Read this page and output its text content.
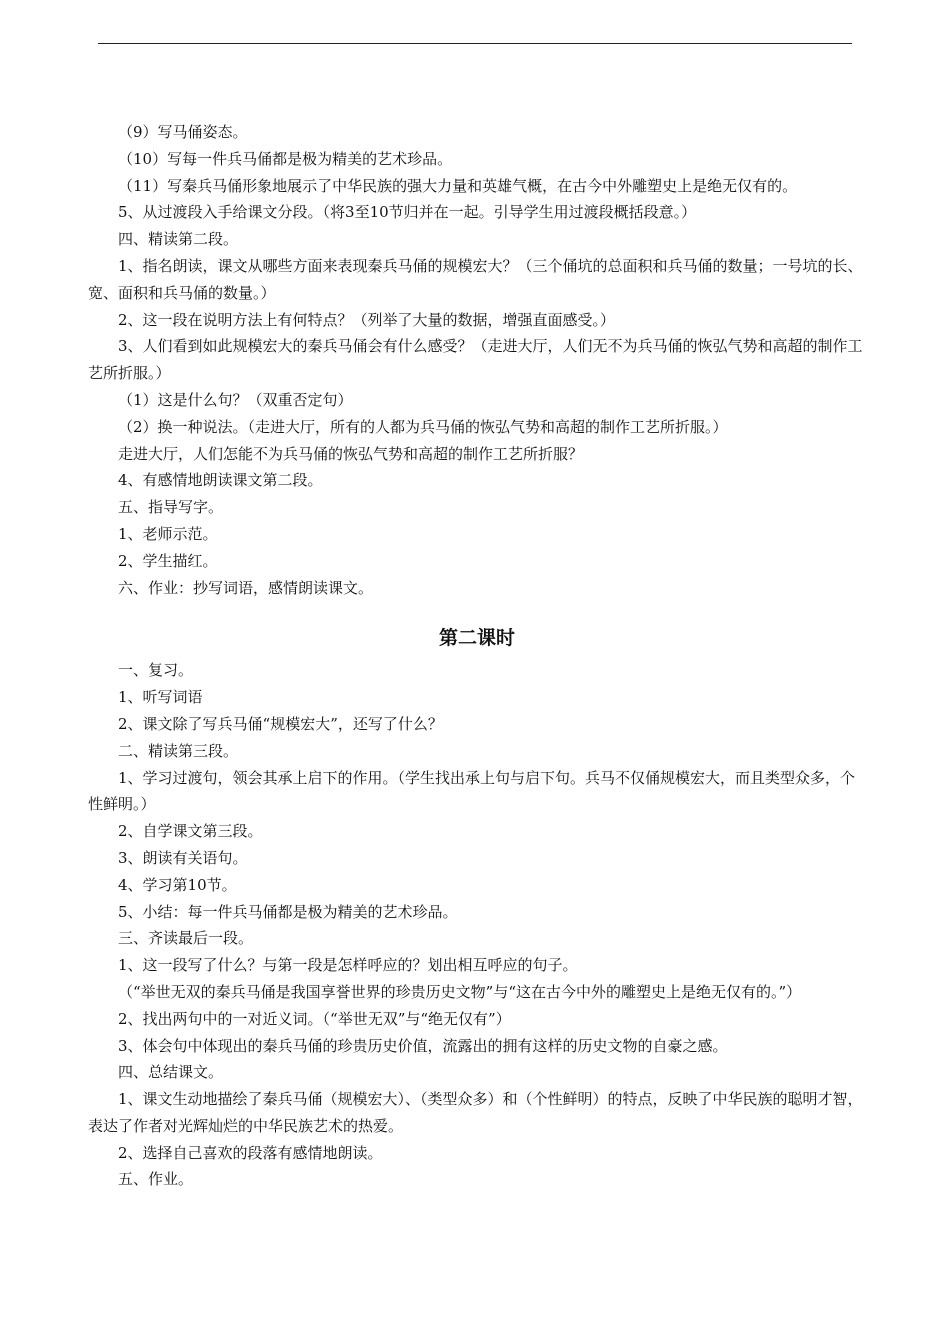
（9）写马俑姿态。

（10）写每一件兵马俑都是极为精美的艺术珍品。

（11）写秦兵马俑形象地展示了中华民族的强大力量和英雄气概，在古今中外雕塑史上是绝无仅有的。

5、从过渡段入手给课文分段。（将3至10节归并在一起。引导学生用过渡段概括段意。）

四、精读第二段。

1、指名朗读，课文从哪些方面来表现秦兵马俑的规模宏大？（三个俑坑的总面积和兵马俑的数量；一号坑的长、宽、面积和兵马俑的数量。）

2、这一段在说明方法上有何特点？（列举了大量的数据，增强直面感受。）

3、人们看到如此规模宏大的秦兵马俑会有什么感受？（走进大厅，人们无不为兵马俑的恢弘气势和高超的制作工艺所折服。）

（1）这是什么句？（双重否定句）

（2）换一种说法。（走进大厅，所有的人都为兵马俑的恢弘气势和高超的制作工艺所折服。）

走进大厅，人们怎能不为兵马俑的恢弘气势和高超的制作工艺所折服？

4、有感情地朗读课文第二段。

五、指导写字。

1、老师示范。

2、学生描红。

六、作业：抄写词语，感情朗读课文。

第二课时

一、复习。

1、听写词语

2、课文除了写兵马俑“规模宏大”，还写了什么？

二、精读第三段。

1、学习过渡句，领会其承上启下的作用。（学生找出承上句与启下句。兵马不仅俑规模宏大，而且类型众多，个性鲜明。）

2、自学课文第三段。

3、朗读有关语句。

4、学习第10节。

5、小结：每一件兵马俑都是极为精美的艺术珍品。

三、齐读最后一段。

1、这一段写了什么？与第一段是怎样呼应的？划出相互呼应的句子。

（“举世无双的秦兵马俑是我国享誉世界的珍贵历史文物”与“这在古今中外的雕塑史上是绝无仅有的。”）

2、找出两句中的一对近义词。（“举世无双”与“绝无仅有”）

3、体会句中体现出的秦兵马俑的珍贵历史价值，流露出的拥有这样的历史文物的自豪之感。

四、总结课文。

1、课文生动地描绘了秦兵马俑（规模宏大）、（类型众多）和（个性鲜明）的特点，反映了中华民族的聪明才智，表达了作者对光辉灿烂的中华民族艺术的热爱。

2、选择自己喜欢的段落有感情地朗读。

五、作业。
